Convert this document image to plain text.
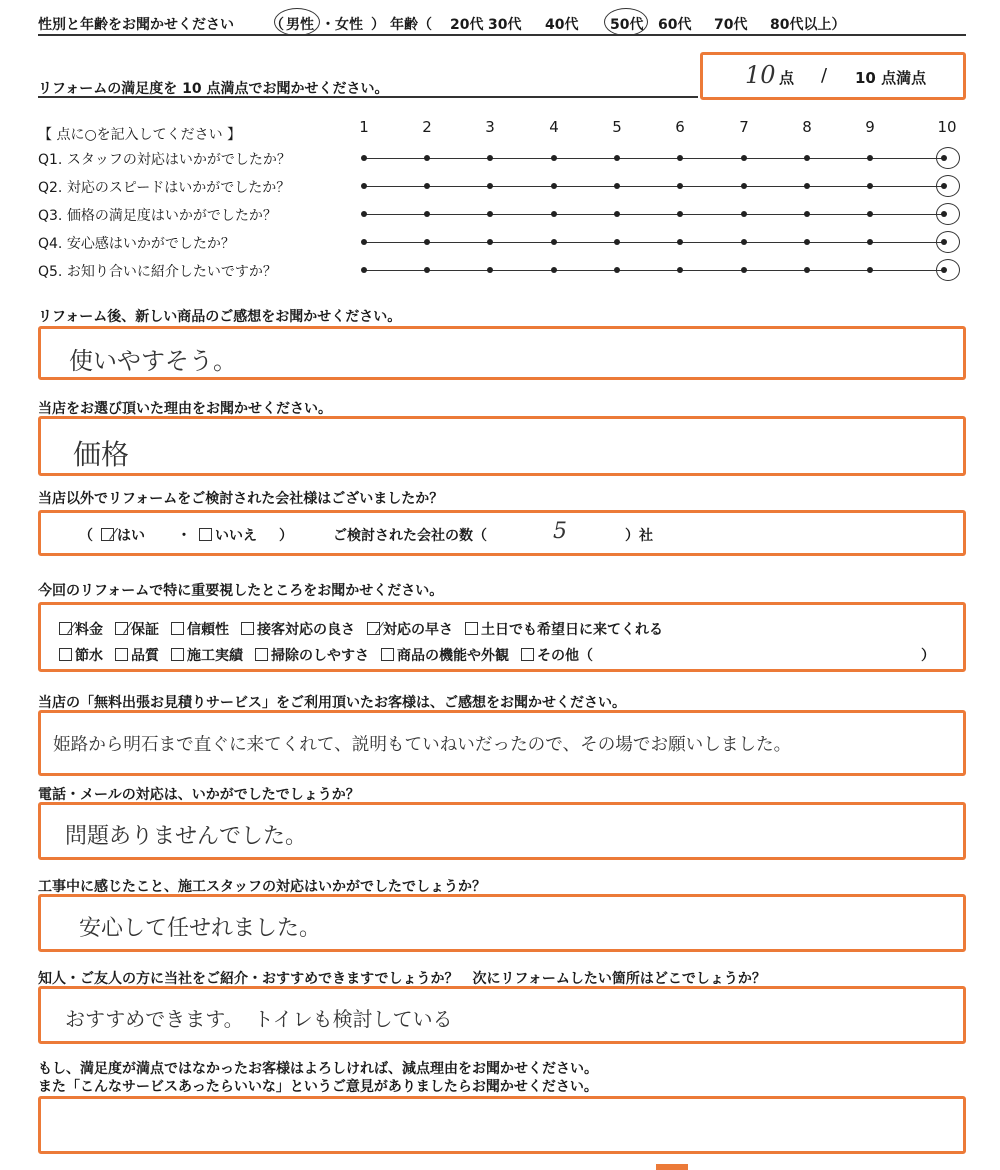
性別と年齢をお聞かせください	（ 男性 ・ 女性 ） 年齢（ 20代 30代 40代 50代 60代 70代 80代以上）
リフォームの満足度を 10 点満点でお聞かせください。	10 点 / 10 点満点
【 点に○を記入してください 】	1	2	3	4	5	6	7	8	9	10
Q1. スタッフの対応はいかがでしたか？
Q2. 対応のスピードはいかがでしたか？
Q3. 価格の満足度はいかがでしたか？
Q4. 安心感はいかがでしたか？
Q5. お知り合いに紹介したいですか？
リフォーム後、新しい商品のご感想をお聞かせください。
使いやすそう。
当店をお選び頂いた理由をお聞かせください。
価格
当店以外でリフォームをご検討された会社様はございましたか？
（	はい ・	いいえ ）	ご検討された会社の数（	5	）社
今回のリフォームで特に重要視したところをお聞かせください。
料金 保証 信頼性 接客対応の良さ 対応の早さ 土日でも希望日に来てくれる
節水 品質 施工実績 掃除のしやすさ 商品の機能や外観 その他（	）
当店の「無料出張お見積りサービス」をご利用頂いたお客様は、ご感想をお聞かせください。
姫路から明石まで直ぐに来てくれて、説明もていねいだったので、その場でお願いしました。
電話・メールの対応は、いかがでしたでしょうか？
問題ありませんでした。
工事中に感じたこと、施工スタッフの対応はいかがでしたでしょうか？
安心して任せれました。
知人・ご友人の方に当社をご紹介・おすすめできますでしょうか？　次にリフォームしたい箇所はどこでしょうか？
おすすめできます。　トイレも検討している
もし、満足度が満点ではなかったお客様はよろしければ、減点理由をお聞かせください。
また「こんなサービスあったらいいな」というご意見がありましたらお聞かせください。
